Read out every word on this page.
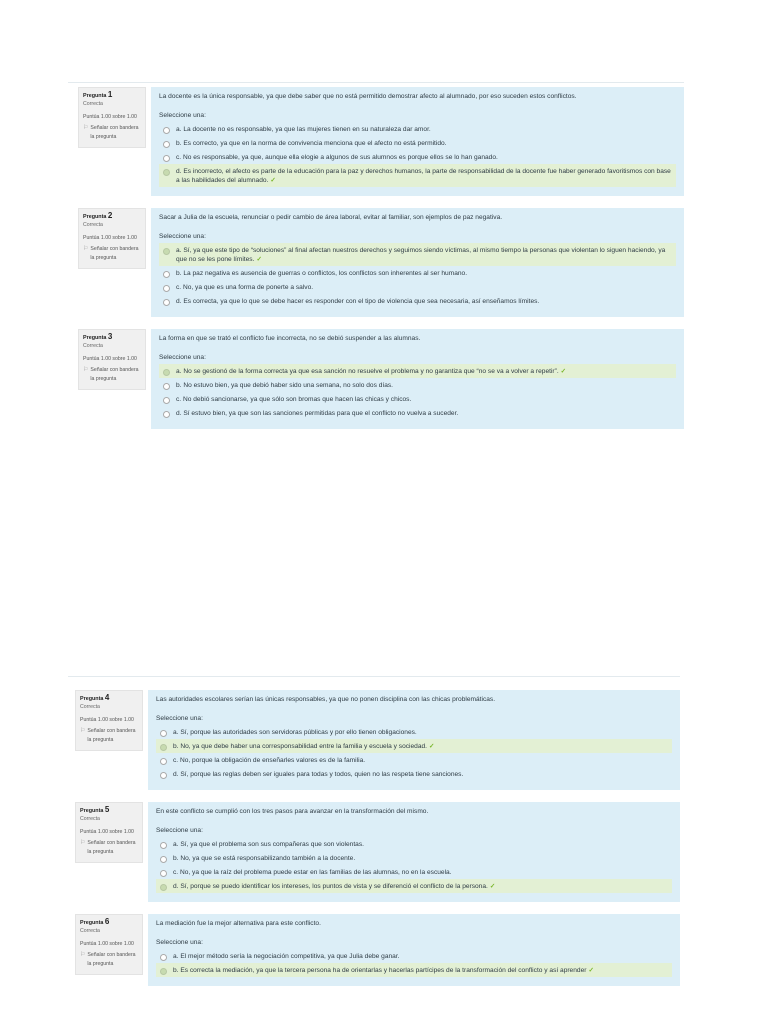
Pregunta 1
Correcta
Puntúa 1.00 sobre 1.00
⚐ Señalar con bandera la pregunta
La docente es la única responsable, ya que debe saber que no está permitido demostrar afecto al alumnado, por eso suceden estos conflictos.
Seleccione una:
a. La docente no es responsable, ya que las mujeres tienen en su naturaleza dar amor.
b. Es correcto, ya que en la norma de convivencia menciona que el afecto no está permitido.
c. No es responsable, ya que, aunque ella elogie a algunos de sus alumnos es porque ellos se lo han ganado.
d. Es incorrecto, el afecto es parte de la educación para la paz y derechos humanos, la parte de responsabilidad de la docente fue haber generado favoritismos con base a las habilidades del alumnado. ✓
Pregunta 2
Correcta
Puntúa 1.00 sobre 1.00
⚐ Señalar con bandera la pregunta
Sacar a Julia de la escuela, renunciar o pedir cambio de área laboral, evitar al familiar, son ejemplos de paz negativa.
Seleccione una:
a. Sí, ya que este tipo de “soluciones” al final afectan nuestros derechos y seguimos siendo víctimas, al mismo tiempo la personas que violentan lo siguen haciendo, ya que no se les pone límites. ✓
b. La paz negativa es ausencia de guerras o conflictos, los conflictos son inherentes al ser humano.
c. No, ya que es una forma de ponerte a salvo.
d. Es correcta, ya que lo que se debe hacer es responder con el tipo de violencia que sea necesaria, así enseñamos límites.
Pregunta 3
Correcta
Puntúa 1.00 sobre 1.00
⚐ Señalar con bandera la pregunta
La forma en que se trató el conflicto fue incorrecta, no se debió suspender a las alumnas.
Seleccione una:
a. No se gestionó de la forma correcta ya que esa sanción no resuelve el problema y no garantiza que “no se va a volver a repetir”. ✓
b. No estuvo bien, ya que debió haber sido una semana, no solo dos días.
c. No debió sancionarse, ya que sólo son bromas que hacen las chicas y chicos.
d. Sí estuvo bien, ya que son las sanciones permitidas para que el conflicto no vuelva a suceder.
Pregunta 4
Correcta
Puntúa 1.00 sobre 1.00
⚐ Señalar con bandera la pregunta
Las autoridades escolares serían las únicas responsables, ya que no ponen disciplina con las chicas problemáticas.
Seleccione una:
a. Sí, porque las autoridades son servidoras públicas y por ello tienen obligaciones.
b. No, ya que debe haber una corresponsabilidad entre la familia y escuela y sociedad. ✓
c. No, porque la obligación de enseñarles valores es de la familia.
d. Sí, porque las reglas deben ser iguales para todas y todos, quien no las respeta tiene sanciones.
Pregunta 5
Correcta
Puntúa 1.00 sobre 1.00
⚐ Señalar con bandera la pregunta
En este conflicto se cumplió con los tres pasos para avanzar en la transformación del mismo.
Seleccione una:
a. Sí, ya que el problema son sus compañeras que son violentas.
b. No, ya que se está responsabilizando también a la docente.
c. No, ya que la raíz del problema puede estar en las familias de las alumnas, no en la escuela.
d. Sí, porque se puedo identificar los intereses, los puntos de vista y se diferenció el conflicto de la persona. ✓
Pregunta 6
Correcta
Puntúa 1.00 sobre 1.00
⚐ Señalar con bandera la pregunta
La mediación fue la mejor alternativa para este conflicto.
Seleccione una:
a. El mejor método sería la negociación competitiva, ya que Julia debe ganar.
b. Es correcta la mediación, ya que la tercera persona ha de orientarlas y hacerlas partícipes de la transformación del conflicto y así aprender ✓
